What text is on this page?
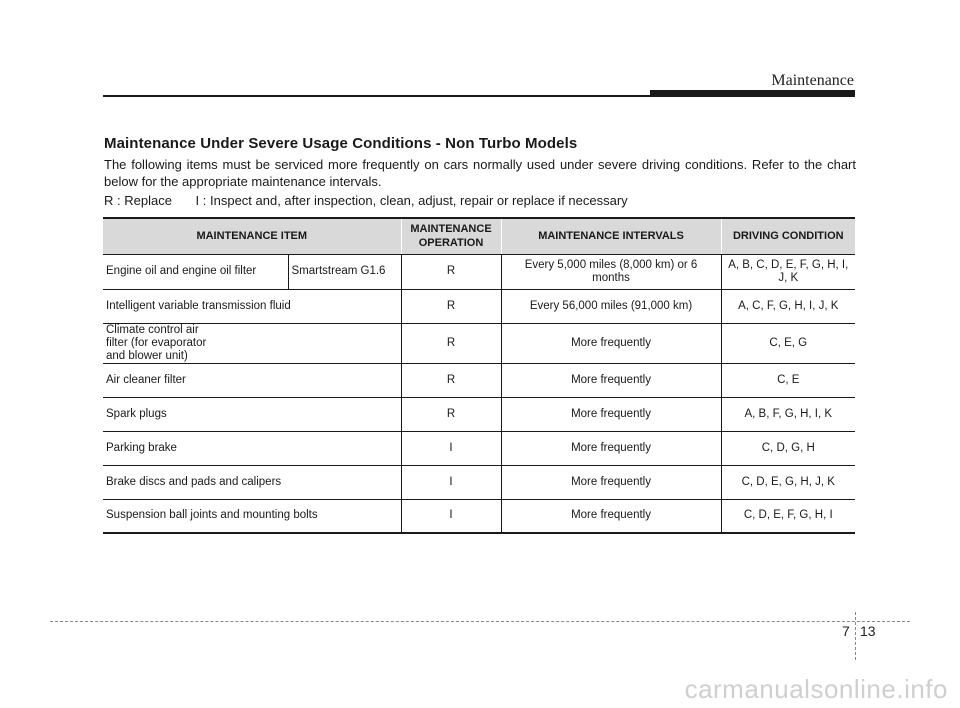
Maintenance
Maintenance Under Severe Usage Conditions - Non Turbo Models

The following items must be serviced more frequently on cars normally used under severe driving conditions. Refer to the chart below for the appropriate maintenance intervals.

R : Replace I : Inspect and, after inspection, clean, adjust, repair or replace if necessary
MAINTENANCE ITEM		MAINTENANCE OPERATION	MAINTENANCE INTERVALS	DRIVING CONDITION
Engine oil and engine oil filter	Smartstream G1.6	R	Every 5,000 miles (8,000 km) or 6 months	A, B, C, D, E, F, G, H, I, J, K
Intelligent variable transmission fluid		R	Every 56,000 miles (91,000 km)	A, C, F, G, H, I, J, K
Climate control air filter (for evaporator and blower unit)		R	More frequently	C, E, G
Air cleaner filter		R	More frequently	C, E
Spark plugs		R	More frequently	A, B, F, G, H, I, K
Parking brake		I	More frequently	C, D, G, H
Brake discs and pads and calipers		I	More frequently	C, D, E, G, H, J, K
Suspension ball joints and mounting bolts		I	More frequently	C, D, E, F, G, H, I
7 13
carmanualsonline.info
